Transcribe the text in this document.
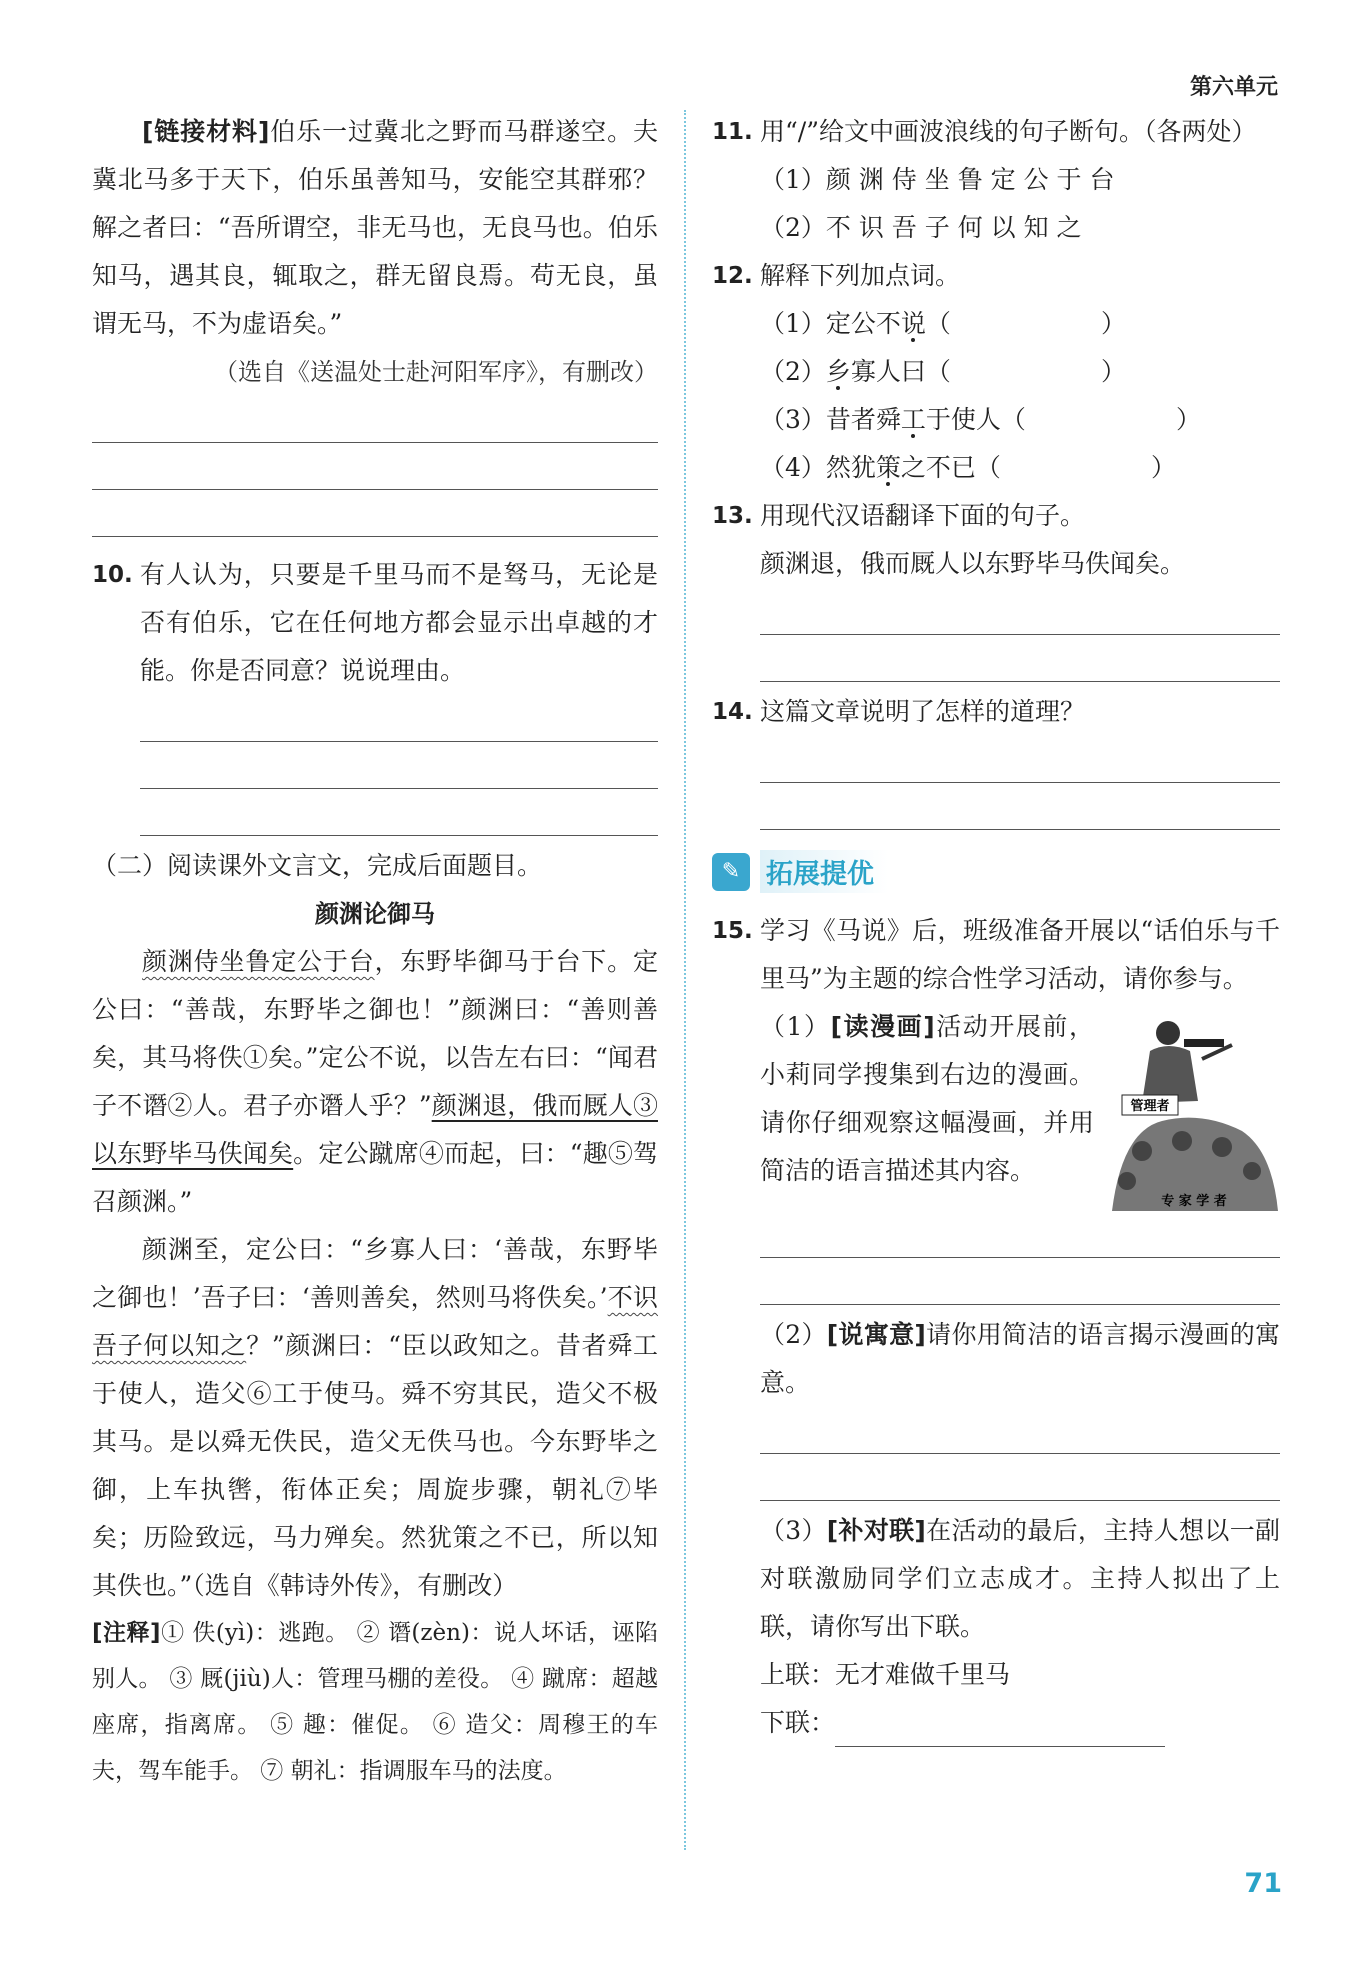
第六单元
[链接材料]伯乐一过冀北之野而马群遂空。夫冀北马多于天下，伯乐虽善知马，安能空其群邪？解之者曰：“吾所谓空，非无马也，无良马也。伯乐知马，遇其良，辄取之，群无留良焉。苟无良，虽谓无马，不为虚语矣。”
（选自《送温处士赴河阳军序》，有删改）
10. 有人认为，只要是千里马而不是驽马，无论是否有伯乐，它在任何地方都会显示出卓越的才能。你是否同意？说说理由。
（二）阅读课外文言文，完成后面题目。
颜渊论御马
颜渊侍坐鲁定公于台，东野毕御马于台下。定公曰：“善哉，东野毕之御也！”颜渊曰：“善则善矣，其马将佚①矣。”定公不说，以告左右曰：“闻君子不谮②人。君子亦谮人乎？”颜渊退，俄而厩人③以东野毕马佚闻矣。定公蹴席④而起，曰：“趣⑤驾召颜渊。”
颜渊至，定公曰：“乡寡人曰：‘善哉，东野毕之御也！’吾子曰：‘善则善矣，然则马将佚矣。’不识吾子何以知之？”颜渊曰：“臣以政知之。昔者舜工于使人，造父⑥工于使马。舜不穷其民，造父不极其马。是以舜无佚民，造父无佚马也。今东野毕之御，上车执辔，衔体正矣；周旋步骤，朝礼⑦毕矣；历险致远，马力殚矣。然犹策之不已，所以知其佚也。”（选自《韩诗外传》，有删改）
[注释]① 佚(yì)：逃跑。 ② 谮(zèn)：说人坏话，诬陷别人。 ③ 厩(jiù)人：管理马棚的差役。 ④ 蹴席：超越座席，指离席。 ⑤ 趣：催促。 ⑥ 造父：周穆王的车夫，驾车能手。 ⑦ 朝礼：指调服车马的法度。
11. 用“/”给文中画波浪线的句子断句。（各两处）
（1）颜 渊 侍 坐 鲁 定 公 于 台
（2）不 识 吾 子 何 以 知 之
12. 解释下列加点词。
（1）定公不说（	）
（2）乡寡人曰（	）
（3）昔者舜工于使人（	）
（4）然犹策之不已（	）
13. 用现代汉语翻译下面的句子。
颜渊退，俄而厩人以东野毕马佚闻矣。
14. 这篇文章说明了怎样的道理？
✎ 拓展提优
15. 学习《马说》后，班级准备开展以“话伯乐与千里马”为主题的综合性学习活动，请你参与。
（1）[读漫画]活动开展前，小莉同学搜集到右边的漫画。请你仔细观察这幅漫画，并用简洁的语言描述其内容。
管理者
专 家 学 者
（2）[说寓意]请你用简洁的语言揭示漫画的寓意。
（3）[补对联]在活动的最后，主持人想以一副对联激励同学们立志成才。主持人拟出了上联，请你写出下联。
上联：无才难做千里马
下联：
71
